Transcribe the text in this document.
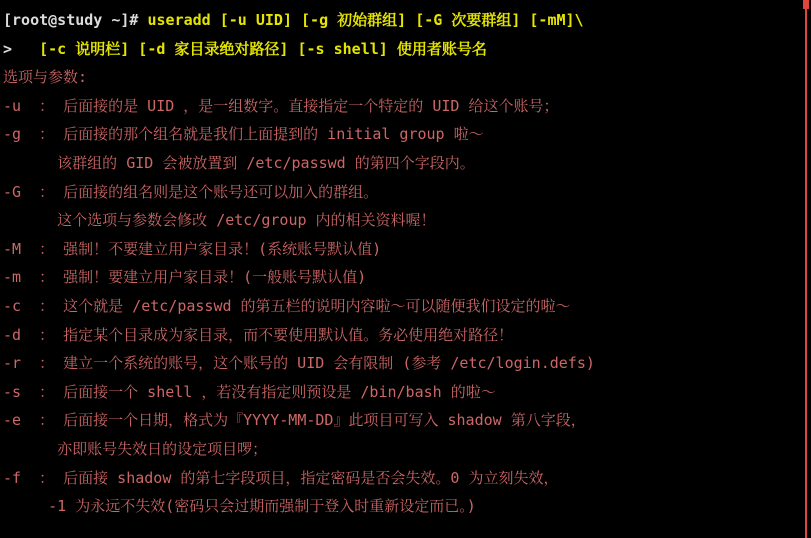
[root@study ~]# useradd [-u UID] [-g 初始群组] [-G 次要群组] [-mM]\
>   [-c 说明栏] [-d 家目录绝对路径] [-s shell] 使用者账号名
选项与参数:
-u  ： 后面接的是 UID ，是一组数字。直接指定一个特定的 UID 给这个账号；
-g  ： 后面接的那个组名就是我们上面提到的 initial group 啦～
该群组的 GID 会被放置到 /etc/passwd 的第四个字段内。
-G  ： 后面接的组名则是这个账号还可以加入的群组。
这个选项与参数会修改 /etc/group 内的相关资料喔！
-M  ： 强制！不要建立用户家目录！(系统账号默认值)
-m  ： 强制！要建立用户家目录！(一般账号默认值)
-c  ： 这个就是 /etc/passwd 的第五栏的说明内容啦～可以随便我们设定的啦～
-d  ： 指定某个目录成为家目录，而不要使用默认值。务必使用绝对路径！
-r  ： 建立一个系统的账号，这个账号的 UID 会有限制 (参考 /etc/login.defs)
-s  ： 后面接一个 shell ，若没有指定则预设是 /bin/bash 的啦～
-e  ： 后面接一个日期，格式为『YYYY-MM-DD』此项目可写入 shadow 第八字段，
亦即账号失效日的设定项目啰；
-f  ： 后面接 shadow 的第七字段项目，指定密码是否会失效。0 为立刻失效，
-1 为永远不失效(密码只会过期而强制于登入时重新设定而已。)
